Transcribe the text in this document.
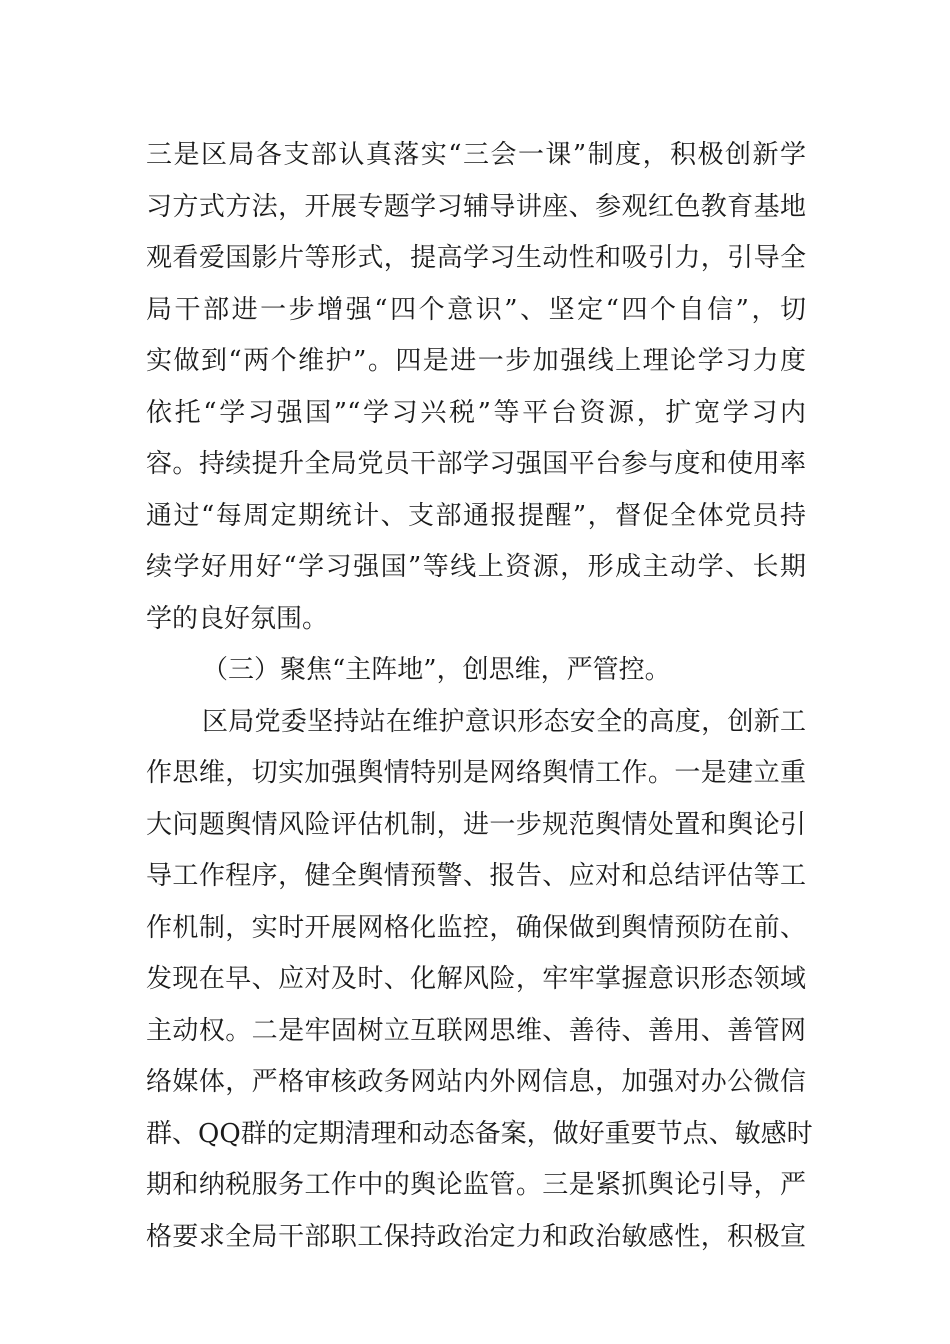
三是区局各支部认真落实“三会一课”制度，积极创新学
习方式方法，开展专题学习辅导讲座、参观红色教育基地
观看爱国影片等形式，提高学习生动性和吸引力，引导全
局干部进一步增强“四个意识”、坚定“四个自信”，切
实做到“两个维护”。四是进一步加强线上理论学习力度
依托“学习强国”“学习兴税”等平台资源，扩宽学习内
容。持续提升全局党员干部学习强国平台参与度和使用率
通过“每周定期统计、支部通报提醒”，督促全体党员持
续学好用好“学习强国”等线上资源，形成主动学、长期
学的良好氛围。
（三）聚焦“主阵地”，创思维，严管控。
区局党委坚持站在维护意识形态安全的高度，创新工
作思维，切实加强舆情特别是网络舆情工作。一是建立重
大问题舆情风险评估机制，进一步规范舆情处置和舆论引
导工作程序，健全舆情预警、报告、应对和总结评估等工
作机制，实时开展网格化监控，确保做到舆情预防在前、
发现在早、应对及时、化解风险，牢牢掌握意识形态领域
主动权。二是牢固树立互联网思维、善待、善用、善管网
络媒体，严格审核政务网站内外网信息，加强对办公微信
群、QQ群的定期清理和动态备案，做好重要节点、敏感时
期和纳税服务工作中的舆论监管。三是紧抓舆论引导，严
格要求全局干部职工保持政治定力和政治敏感性，积极宣
